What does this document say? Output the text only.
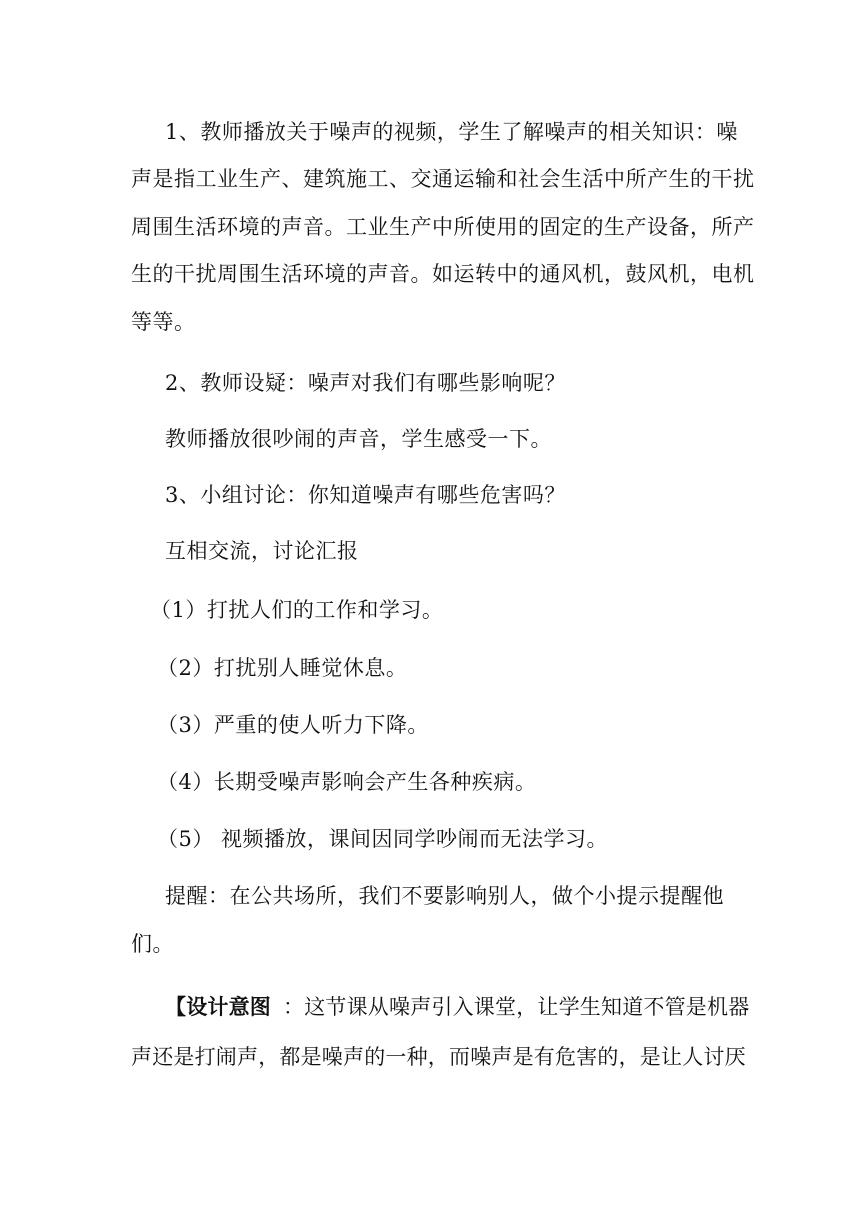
1、教师播放关于噪声的视频，学生了解噪声的相关知识：噪
声是指工业生产、建筑施工、交通运输和社会生活中所产生的干扰
周围生活环境的声音。工业生产中所使用的固定的生产设备，所产
生的干扰周围生活环境的声音。如运转中的通风机，鼓风机，电机
等等。
2、教师设疑：噪声对我们有哪些影响呢？
教师播放很吵闹的声音，学生感受一下。
3、小组讨论：你知道噪声有哪些危害吗？
互相交流，讨论汇报
（1）打扰人们的工作和学习。
（2）打扰别人睡觉休息。
（3）严重的使人听力下降。
（4）长期受噪声影响会产生各种疾病。
（5） 视频播放，课间因同学吵闹而无法学习。
提醒：在公共场所，我们不要影响别人，做个小提示提醒他
们。
【设计意图 ：这节课从噪声引入课堂，让学生知道不管是机器
声还是打闹声，都是噪声的一种，而噪声是有危害的，是让人讨厌
